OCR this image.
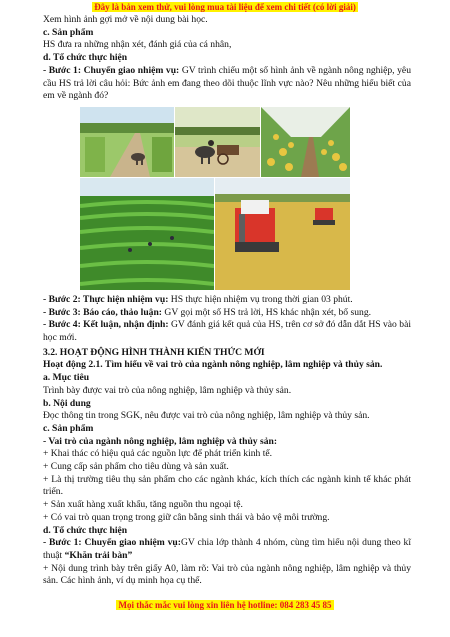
Đây là bản xem thử, vui lòng mua tài liệu để xem chi tiết (có lời giải)

Xem hình ảnh gợi mở về nội dung bài học.

c. Sản phẩm

HS đưa ra những nhận xét, đánh giá của cá nhân,

d. Tổ chức thực hiện

- Bước 1: Chuyển giao nhiệm vụ: GV trình chiếu một số hình ảnh về ngành nông nghiệp, yêu cầu HS trả lời câu hỏi: Bức ảnh em đang theo dõi thuộc lĩnh vực nào? Nêu những hiểu biết của em về ngành đó?

- Bước 2: Thực hiện nhiệm vụ: HS thực hiện nhiệm vụ trong thời gian 03 phút.

- Bước 3: Báo cáo, thảo luận: GV gọi một số HS trả lời, HS khác nhận xét, bổ sung.

- Bước 4: Kết luận, nhận định: GV đánh giá kết quả của HS, trên cơ sở đó dẫn dắt HS vào bài học mới.

3.2. HOẠT ĐỘNG HÌNH THÀNH KIẾN THỨC MỚI

Hoạt động 2.1. Tìm hiểu về vai trò của ngành nông nghiệp, lâm nghiệp và thủy sản.

a. Mục tiêu

Trình bày được vai trò của nông nghiệp, lâm nghiệp và thủy sản.

b. Nội dung

Đọc thông tin trong SGK, nêu được vai trò của nông nghiệp, lâm nghiệp và thủy sản.

c. Sản phẩm

- Vai trò của ngành nông nghiệp, lâm nghiệp và thủy sản:

+ Khai thác có hiệu quả các nguồn lực để phát triển kinh tế.

+ Cung cấp sản phẩm cho tiêu dùng và sản xuất.

+ Là thị trường tiêu thụ sản phẩm cho các ngành khác, kích thích các ngành kinh tế khác phát triển.

+ Sản xuất hàng xuất khẩu, tăng nguồn thu ngoại tệ.

+ Có vai trò quan trọng trong giữ cân bằng sinh thái và bảo vệ môi trường.

d. Tổ chức thực hiện

- Bước 1: Chuyển giao nhiệm vụ:GV chia lớp thành 4 nhóm, cùng tìm hiểu nội dung theo kĩ thuật “Khăn trải bàn”

+ Nội dung trình bày trên giấy A0, làm rõ: Vai trò của ngành nông nghiệp, lâm nghiệp và thủy sản. Các hình ảnh, ví dụ minh họa cụ thể.

Mọi thắc mắc vui lòng xin liên hệ hotline: 084 283 45 85
